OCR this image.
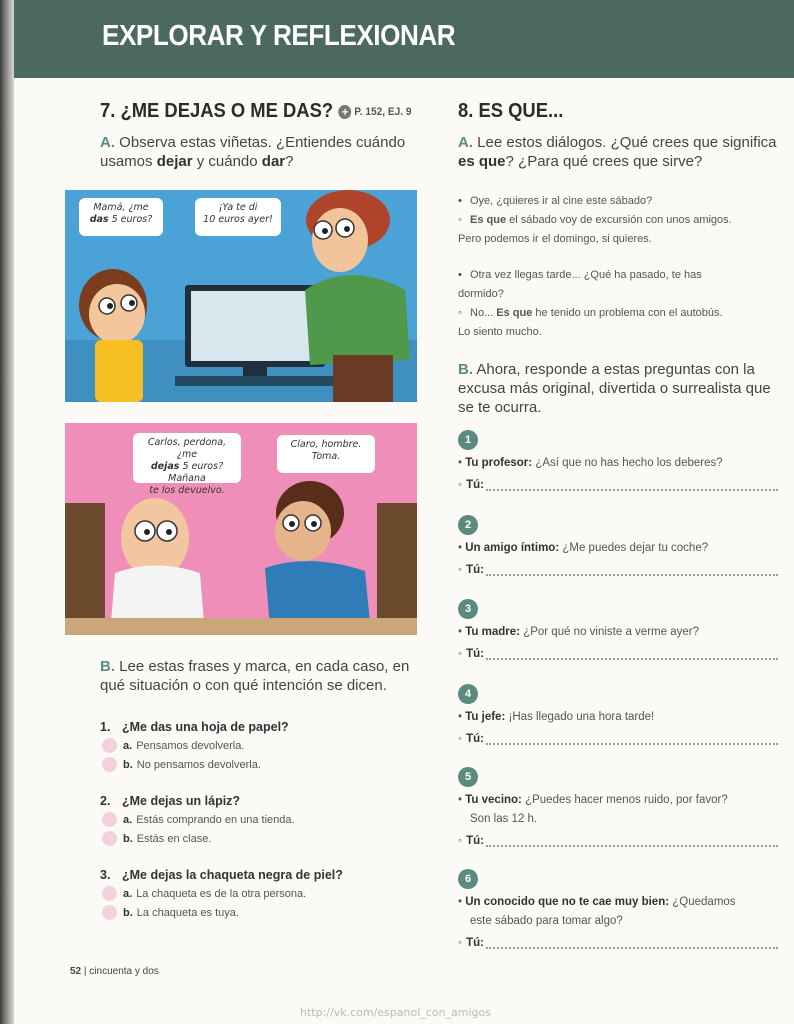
EXPLORAR Y REFLEXIONAR
7. ¿ME DEJAS O ME DAS? + P. 152, EJ. 9

A. Observa estas viñetas. ¿Entiendes cuándo usamos dejar y cuándo dar?

Mamá, ¿me
das 5 euros?
¡Ya te di
10 euros ayer!
Carlos, perdona, ¿me
dejas 5 euros? Mañana
te los devuelvo.
Claro, hombre.
Toma.

B. Lee estas frases y marca, en cada caso, en qué situación o con qué intención se dicen.

1. ¿Me das una hoja de papel?
a. Pensamos devolverla.
b. No pensamos devolverla.
2. ¿Me dejas un lápiz?
a. Estás comprando en una tienda.
b. Estás en clase.
3. ¿Me dejas la chaqueta negra de piel?
a. La chaqueta es de la otra persona.
b. La chaqueta es tuya.
8. ES QUE...

A. Lee estos diálogos. ¿Qué crees que significa es que? ¿Para qué crees que sirve?

• Oye, ¿quieres ir al cine este sábado?
◦ Es que el sábado voy de excursión con unos amigos.
Pero podemos ir el domingo, si quieres.
• Otra vez llegas tarde... ¿Qué ha pasado, te has
dormido?
◦ No... Es que he tenido un problema con el autobús.
Lo siento mucho.

B. Ahora, responde a estas preguntas con la excusa más original, divertida o surrealista que se te ocurra.

1
• Tu profesor: ¿Así que no has hecho los deberes?
◦ Tú:
2
• Un amigo íntimo: ¿Me puedes dejar tu coche?
◦ Tú:
3
• Tu madre: ¿Por qué no viniste a verme ayer?
◦ Tú:
4
• Tu jefe: ¡Has llegado una hora tarde!
◦ Tú:
5
• Tu vecino: ¿Puedes hacer menos ruido, por favor?
Son las 12 h.
◦ Tú:
6
• Un conocido que no te cae muy bien: ¿Quedamos
este sábado para tomar algo?
◦ Tú:
52 | cincuenta y dos
http://vk.com/espanol_con_amigos
